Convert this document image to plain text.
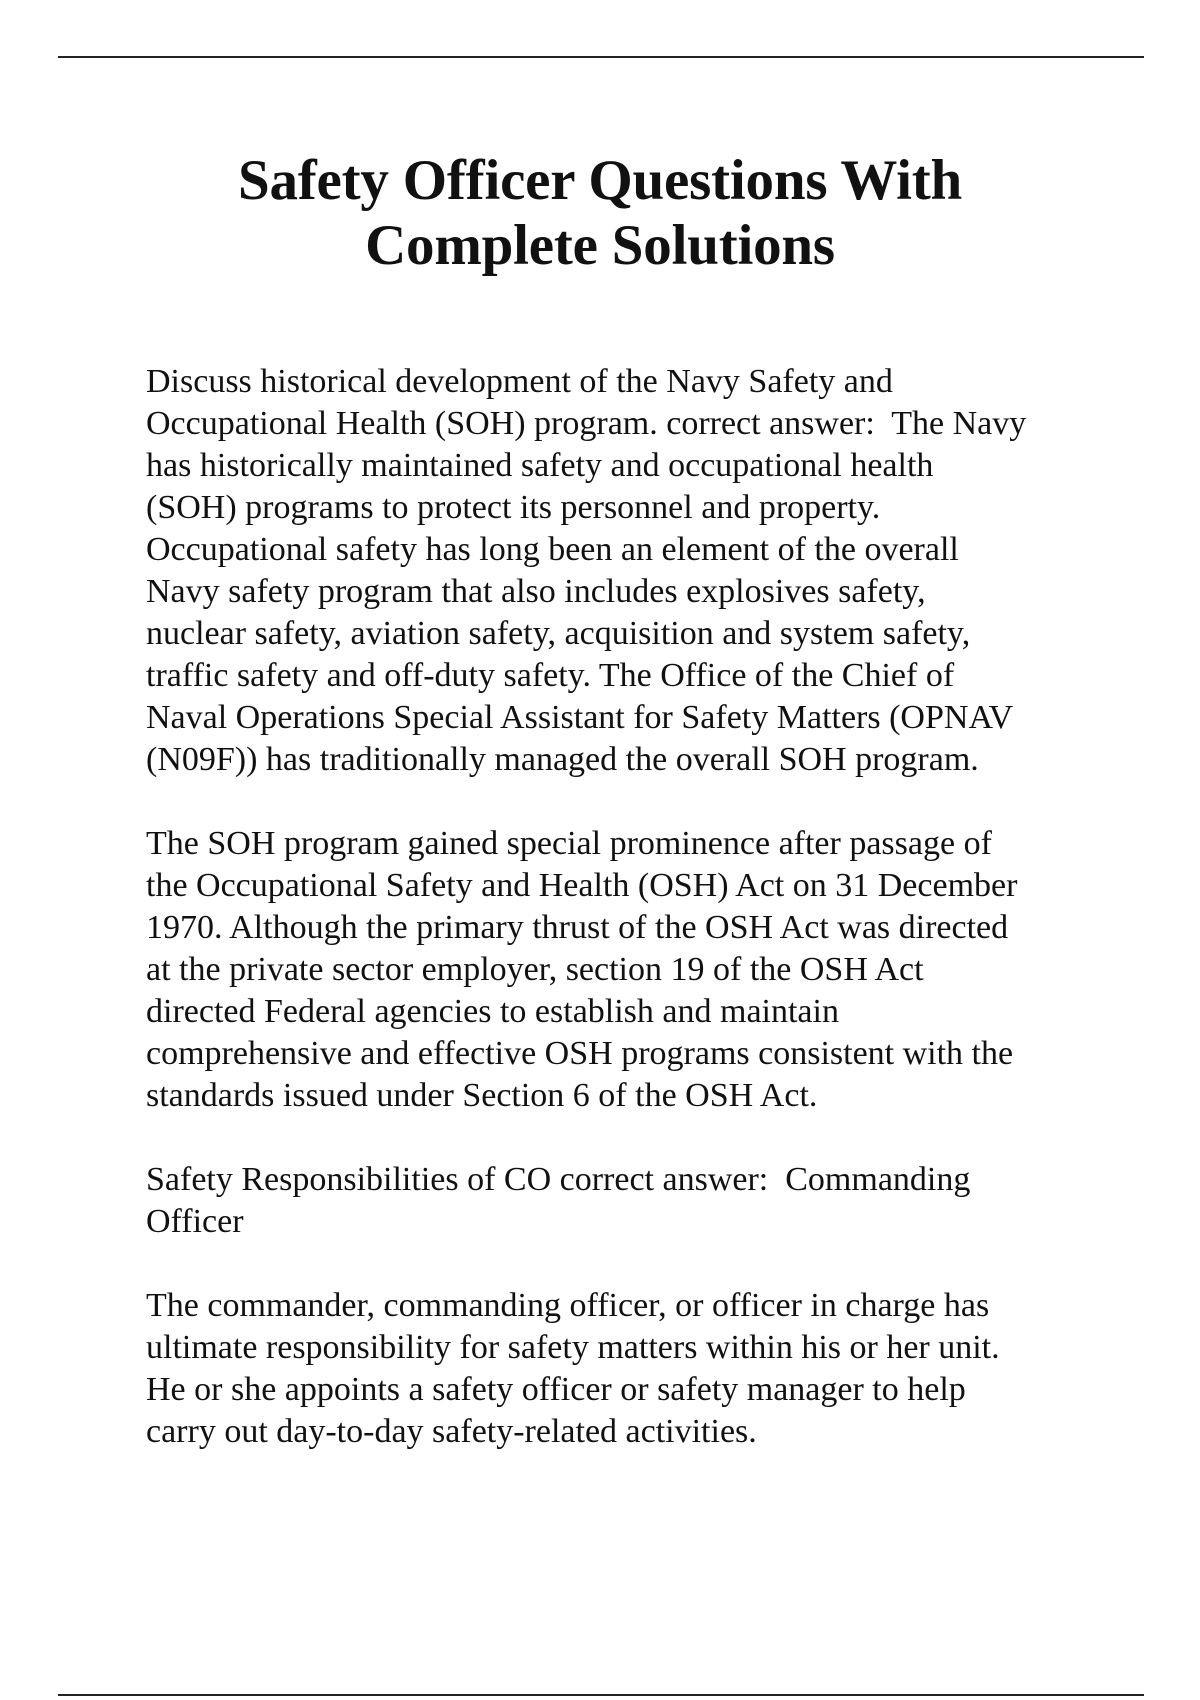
Safety Officer Questions With
Complete Solutions

Discuss historical development of the Navy Safety and
Occupational Health (SOH) program. correct answer:  The Navy
has historically maintained safety and occupational health
(SOH) programs to protect its personnel and property.
Occupational safety has long been an element of the overall
Navy safety program that also includes explosives safety,
nuclear safety, aviation safety, acquisition and system safety,
traffic safety and off-duty safety. The Office of the Chief of
Naval Operations Special Assistant for Safety Matters (OPNAV
(N09F)) has traditionally managed the overall SOH program.

The SOH program gained special prominence after passage of
the Occupational Safety and Health (OSH) Act on 31 December
1970. Although the primary thrust of the OSH Act was directed
at the private sector employer, section 19 of the OSH Act
directed Federal agencies to establish and maintain
comprehensive and effective OSH programs consistent with the
standards issued under Section 6 of the OSH Act.

Safety Responsibilities of CO correct answer:  Commanding
Officer

The commander, commanding officer, or officer in charge has
ultimate responsibility for safety matters within his or her unit.
He or she appoints a safety officer or safety manager to help
carry out day-to-day safety-related activities.
